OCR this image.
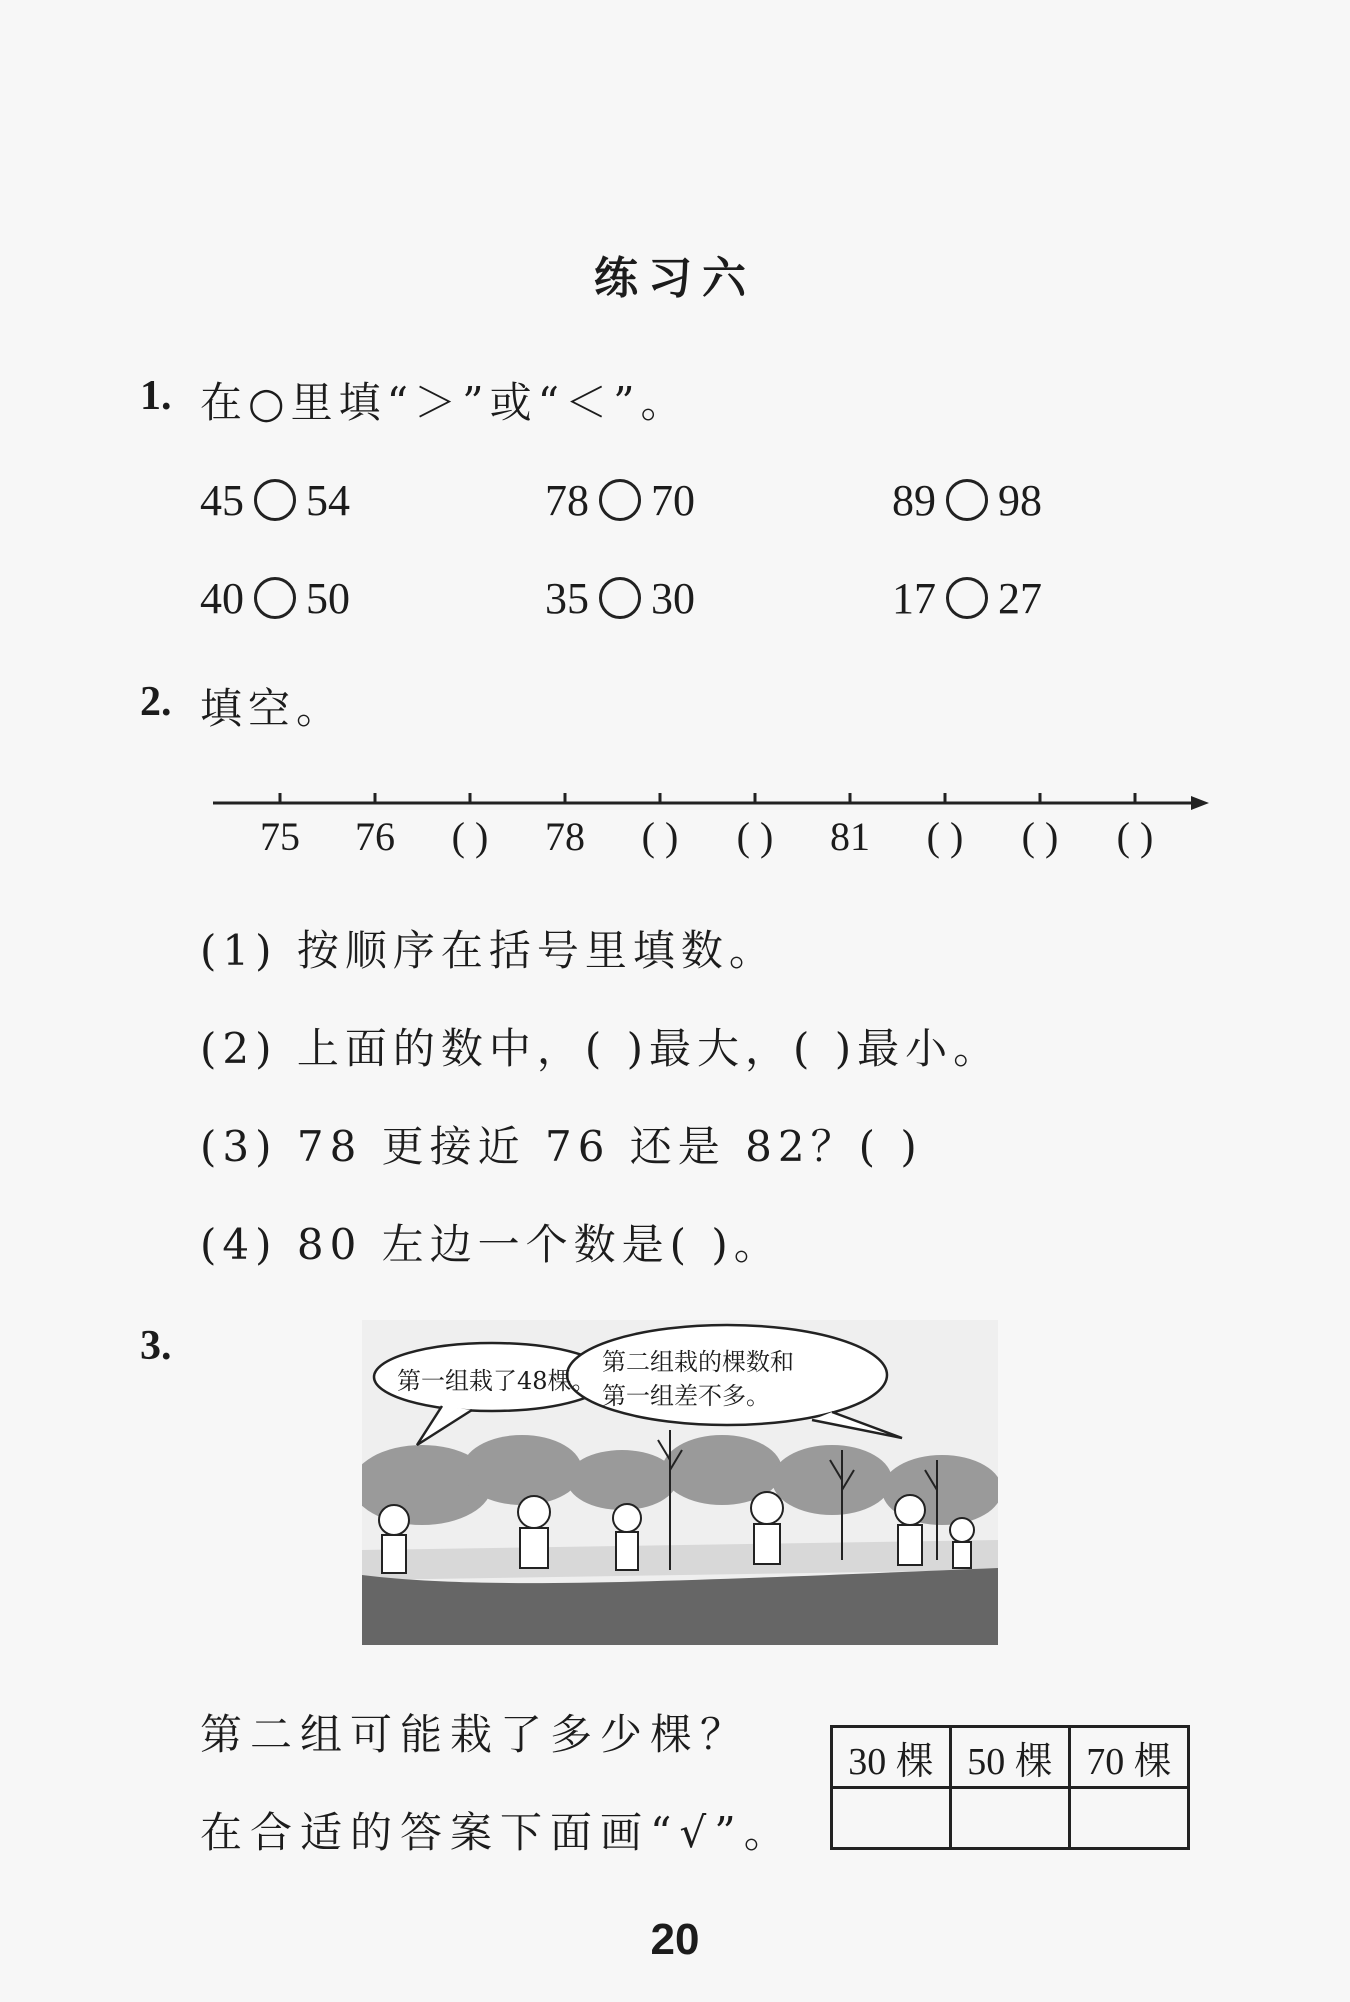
练习六
1. 在○里填“＞”或“＜”。
45 54	78 70	89 98
40 50	35 30	17 27
2. 填空。
75 76 ( ) 78 ( ) ( ) 81 ( ) ( ) ( )
(1) 按顺序在括号里填数。
(2) 上面的数中，( )最大，( )最小。
(3) 78 更接近 76 还是 82？( )
(4) 80 左边一个数是( )。
3.
第一组栽了48棵。
第二组栽的棵数和
第一组差不多。
第二组可能栽了多少棵？
在合适的答案下面画“√”。
30 棵	50 棵	70 棵

20
